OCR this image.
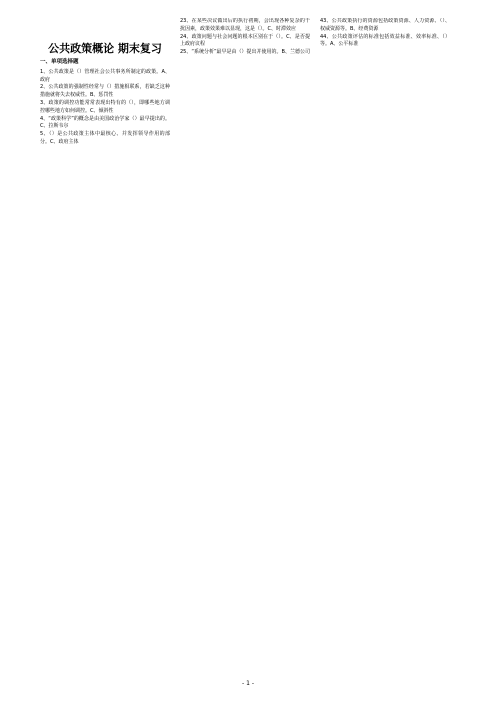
公共政策概论 期末复习
一、单项选择题

1、公共政策是（）管理社会公共事务所制定的政策。A、政府

2、公共政策的强制性经常与（）措施相联系，若缺乏这种措施就将失去权威性。B、惩罚性

3、政策的调控功能常常表现出特有的（），即哪些地方调控哪些地方如何调控。C、倾斜性

4、“政策科学”的概念是由美国政治学家（）最早提出的。C、拉斯韦尔

5、（）是公共政策主体中最核心、并发挥领导作用的部分。C、政府主体

23、在某些决议做出后的执行初期，会出现各种复杂的干扰因素，政策效果难以显现，这是（）。C、时滞效应

24、政策问题与社会问题的根本区别在于（）。C、是否提上政府议程

25、“系统分析”最早是由（）提出并使用的。B、兰德公司

43、公共政策执行的资源包括政策资源、人力资源、（）、权威资源等。B、经费资源

44、公共政策评估的标准包括效益标准、效率标准、（）等。A、公平标准

- 1 -
